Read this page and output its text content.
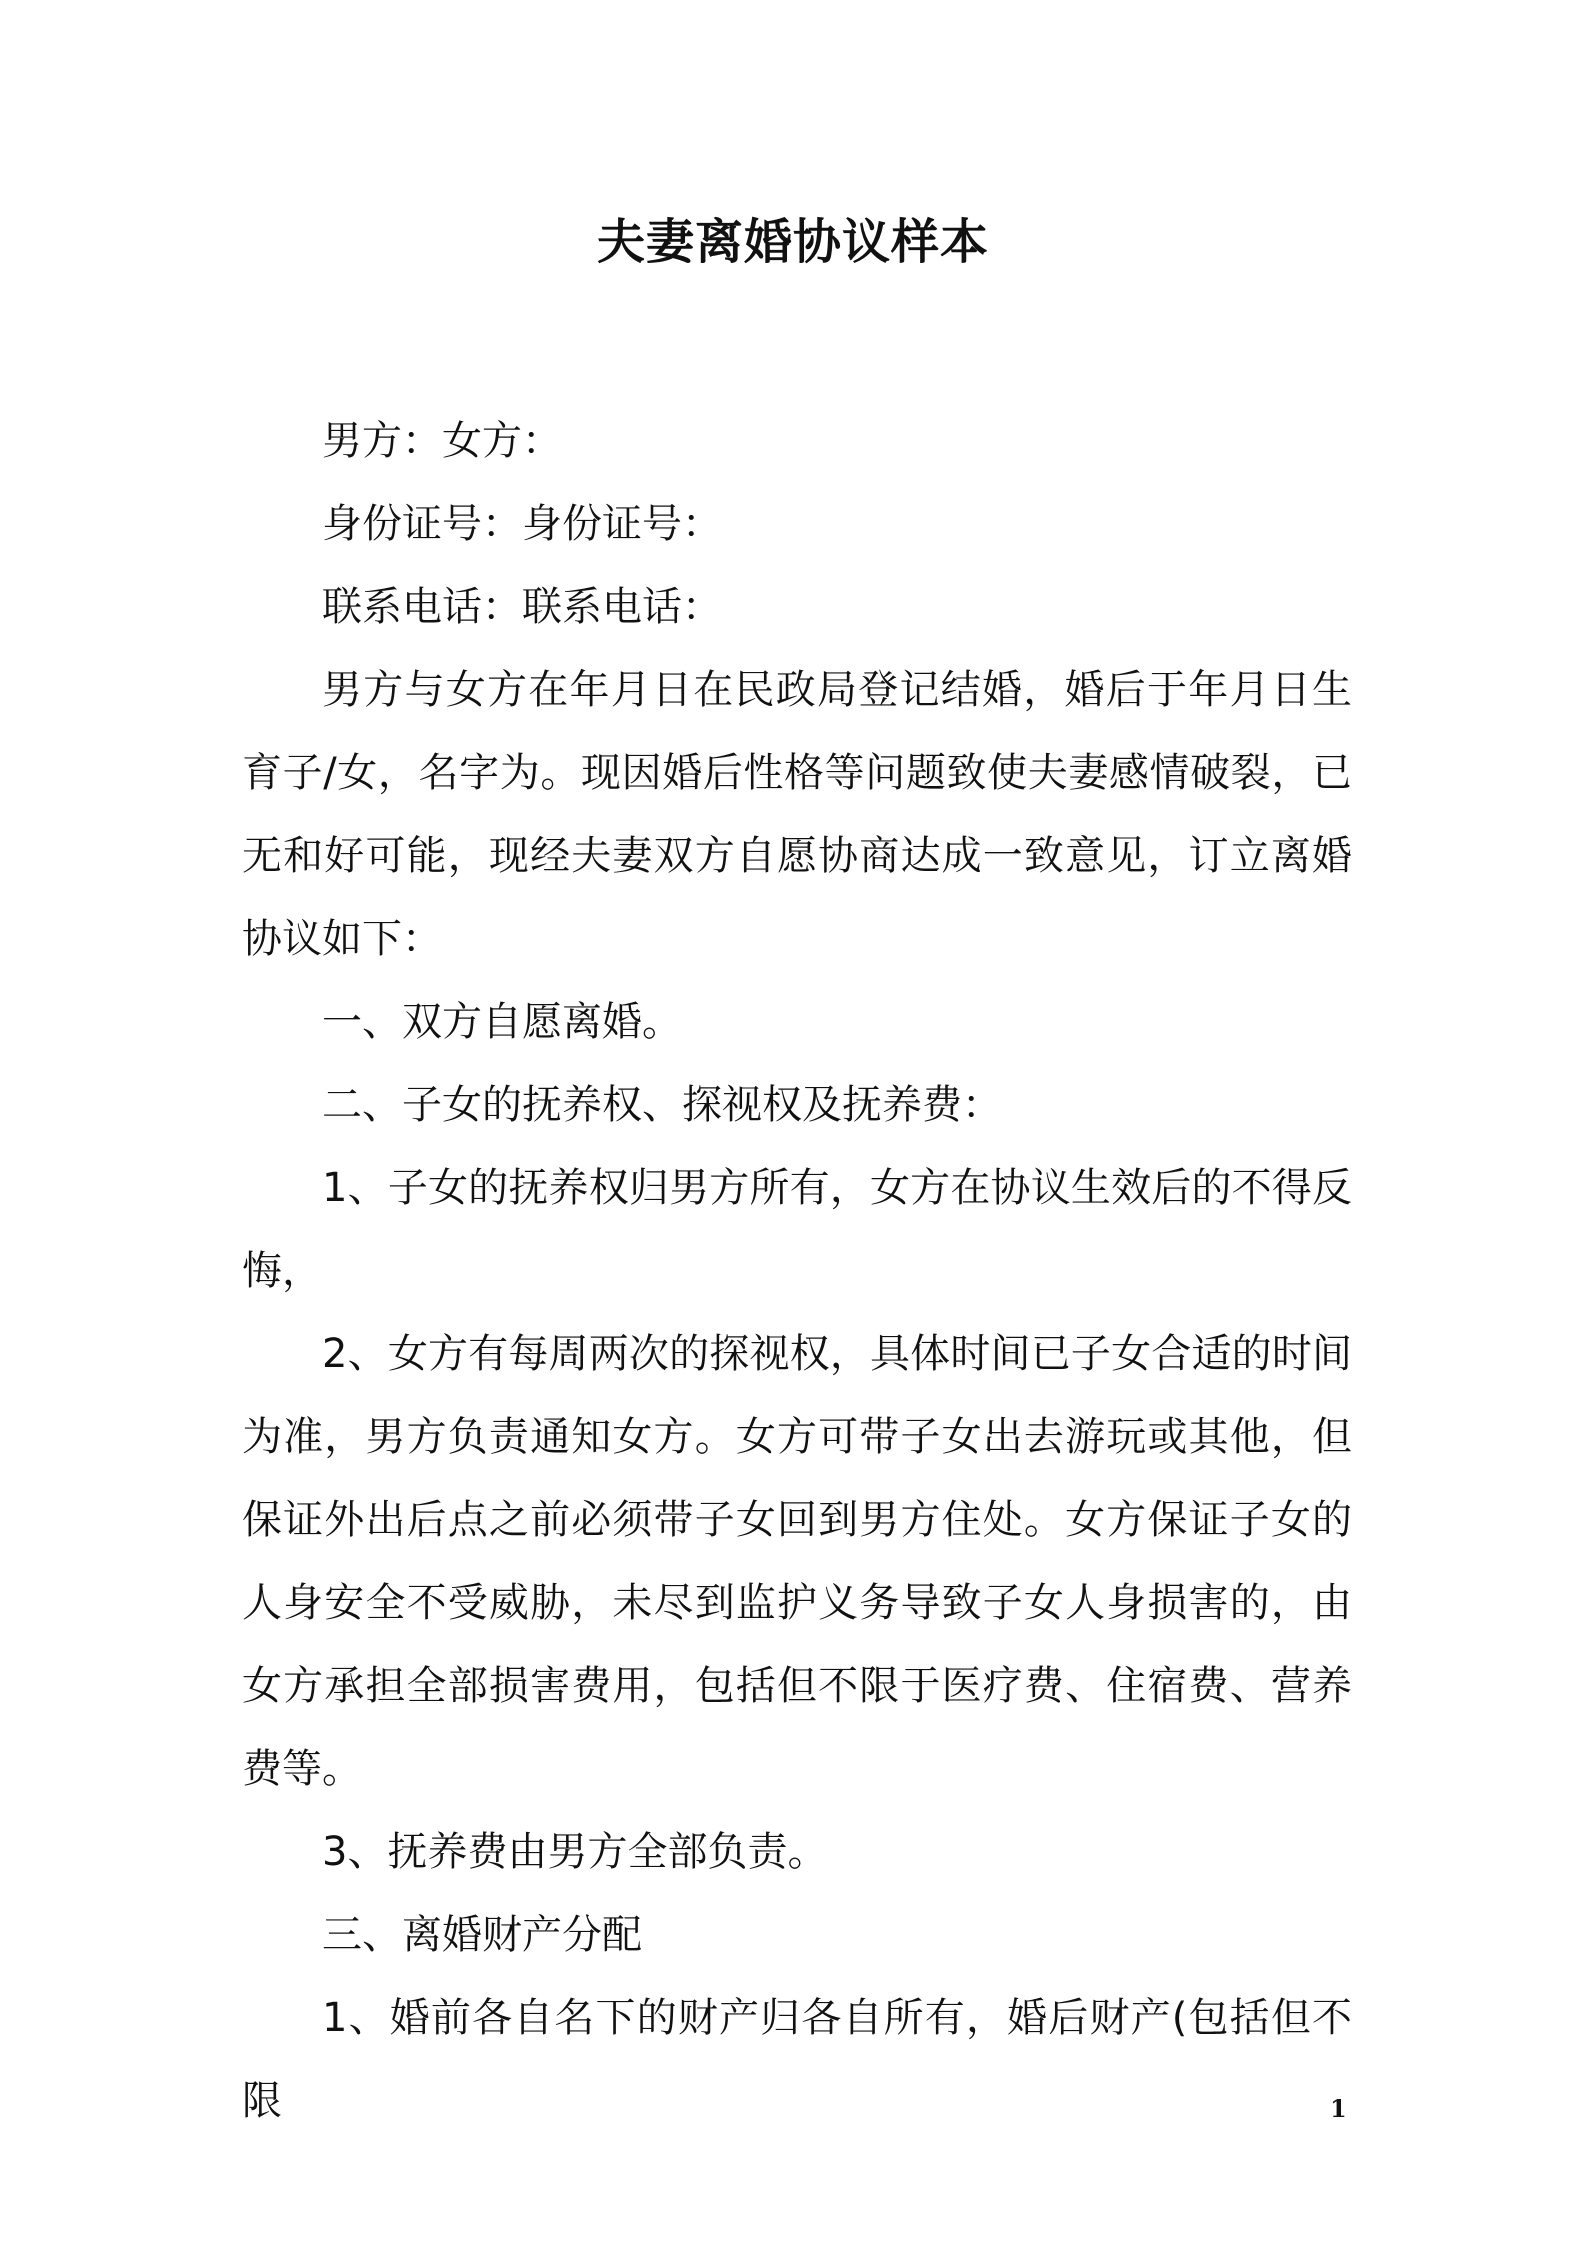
夫妻离婚协议样本

男方：女方：

身份证号：身份证号：

联系电话：联系电话：

男方与女方在年月日在民政局登记结婚，婚后于年月日生育子/女，名字为。现因婚后性格等问题致使夫妻感情破裂，已无和好可能，现经夫妻双方自愿协商达成一致意见，订立离婚协议如下：

一、双方自愿离婚。

二、子女的抚养权、探视权及抚养费：

1、子女的抚养权归男方所有，女方在协议生效后的不得反悔，

2、女方有每周两次的探视权，具体时间已子女合适的时间为准，男方负责通知女方。女方可带子女出去游玩或其他，但保证外出后点之前必须带子女回到男方住处。女方保证子女的人身安全不受威胁，未尽到监护义务导致子女人身损害的，由女方承担全部损害费用，包括但不限于医疗费、住宿费、营养费等。

3、抚养费由男方全部负责。

三、离婚财产分配

1、婚前各自名下的财产归各自所有，婚后财产(包括但不限	1
